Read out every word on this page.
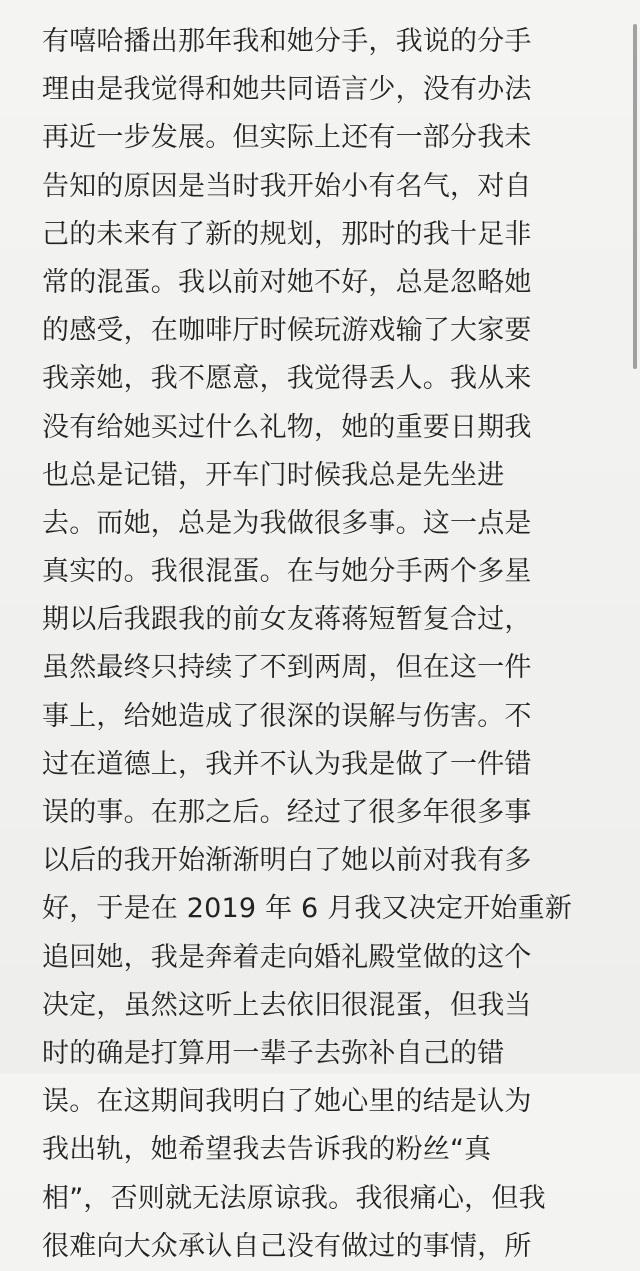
有嘻哈播出那年我和她分手，我说的分手
理由是我觉得和她共同语言少，没有办法
再近一步发展。但实际上还有一部分我未
告知的原因是当时我开始小有名气，对自
己的未来有了新的规划，那时的我十足非
常的混蛋。我以前对她不好，总是忽略她
的感受，在咖啡厅时候玩游戏输了大家要
我亲她，我不愿意，我觉得丢人。我从来
没有给她买过什么礼物，她的重要日期我
也总是记错，开车门时候我总是先坐进
去。而她，总是为我做很多事。这一点是
真实的。我很混蛋。在与她分手两个多星
期以后我跟我的前女友蒋蒋短暂复合过，
虽然最终只持续了不到两周，但在这一件
事上，给她造成了很深的误解与伤害。不
过在道德上，我并不认为我是做了一件错
误的事。在那之后。经过了很多年很多事
以后的我开始渐渐明白了她以前对我有多
好，于是在 2019 年 6 月我又决定开始重新
追回她，我是奔着走向婚礼殿堂做的这个
决定，虽然这听上去依旧很混蛋，但我当
时的确是打算用一辈子去弥补自己的错
误。在这期间我明白了她心里的结是认为
我出轨，她希望我去告诉我的粉丝“真
相”，否则就无法原谅我。我很痛心，但我
很难向大众承认自己没有做过的事情，所
